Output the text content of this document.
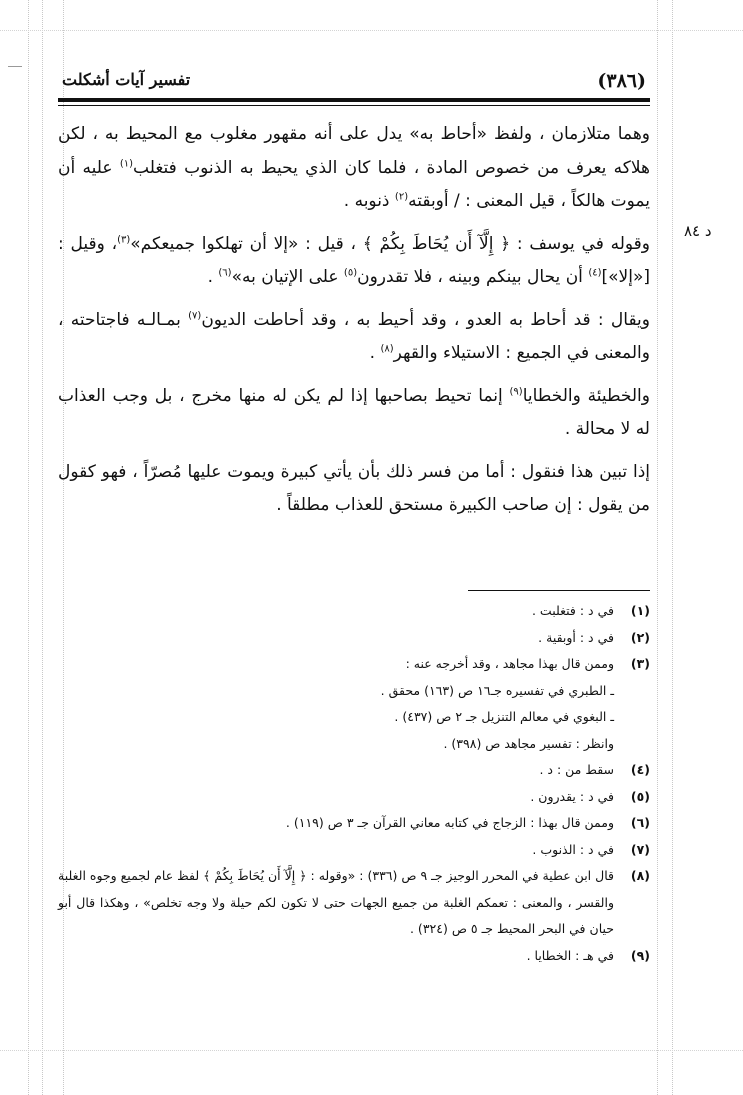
(٣٨٦)
تفسير آيات أشكلت
د ٨٤

وهما متلازمان ، ولفظ «أحاط به» يدل على أنه مقهور مغلوب مع المحيط به ، لكن هلاكه يعرف من خصوص المادة ، فلما كان الذي يحيط به الذنوب فتغلب$^{(١)}$ عليه أن يموت هالكاً ، قيل المعنى : / أوبقته$^{(٢)}$ ذنوبه .

وقوله في يوسف : ﴿ إِلَّآ أَن يُحَاطَ بِكُمْ ﴾ ، قيل : «إلا أن تهلكوا جميعكم»$^{(٣)}$، وقيل : [«إلا»]$^{(٤)}$ أن يحال بينكم وبينه ، فلا تقدرون$^{(٥)}$ على الإتيان به»$^{(٦)}$ .

ويقال : قد أحاط به العدو ، وقد أحيط به ، وقد أحاطت الديون$^{(٧)}$ بمـالـه فاجتاحته ، والمعنى في الجميع : الاستيلاء والقهر$^{(٨)}$ .

والخطيئة والخطايا$^{(٩)}$ إنما تحيط بصاحبها إذا لم يكن له منها مخرج ، بل وجب العذاب له لا محالة .

إذا تبين هذا فنقول : أما من فسر ذلك بأن يأتي كبيرة ويموت عليها مُصرّاً ، فهو كقول من يقول : إن صاحب الكبيرة مستحق للعذاب مطلقاً .

(١)
في د : فتغلبت .
(٢)
في د : أوبقية .
(٣)
وممن قال بهذا مجاهد ، وقد أخرجه عنه :
ـ الطبري في تفسيره جـ١٦ ص (١٦٣) محقق .
ـ البغوي في معالم التنزيل جـ ٢ ص (٤٣٧) .
وانظر : تفسير مجاهد ص (٣٩٨) .
(٤)
سقط من : د .
(٥)
في د : يقدرون .
(٦)
وممن قال بهذا : الزجاج في كتابه معاني القرآن جـ ٣ ص (١١٩) .
(٧)
في د : الذنوب .
(٨)
قال ابن عطية في المحرر الوجيز جـ ٩ ص (٣٣٦) : «وقوله : ﴿ إِلَّآ أَن يُحَاطَ بِكُمْ ﴾ لفظ عام لجميع وجوه الغلبة والقسر ، والمعنى : تعمكم الغلبة من جميع الجهات حتى لا تكون لكم حيلة ولا وجه تخلص» ، وهكذا قال أبو حيان في البحر المحيط جـ ٥ ص (٣٢٤) .
(٩)
في هـ : الخطايا .
